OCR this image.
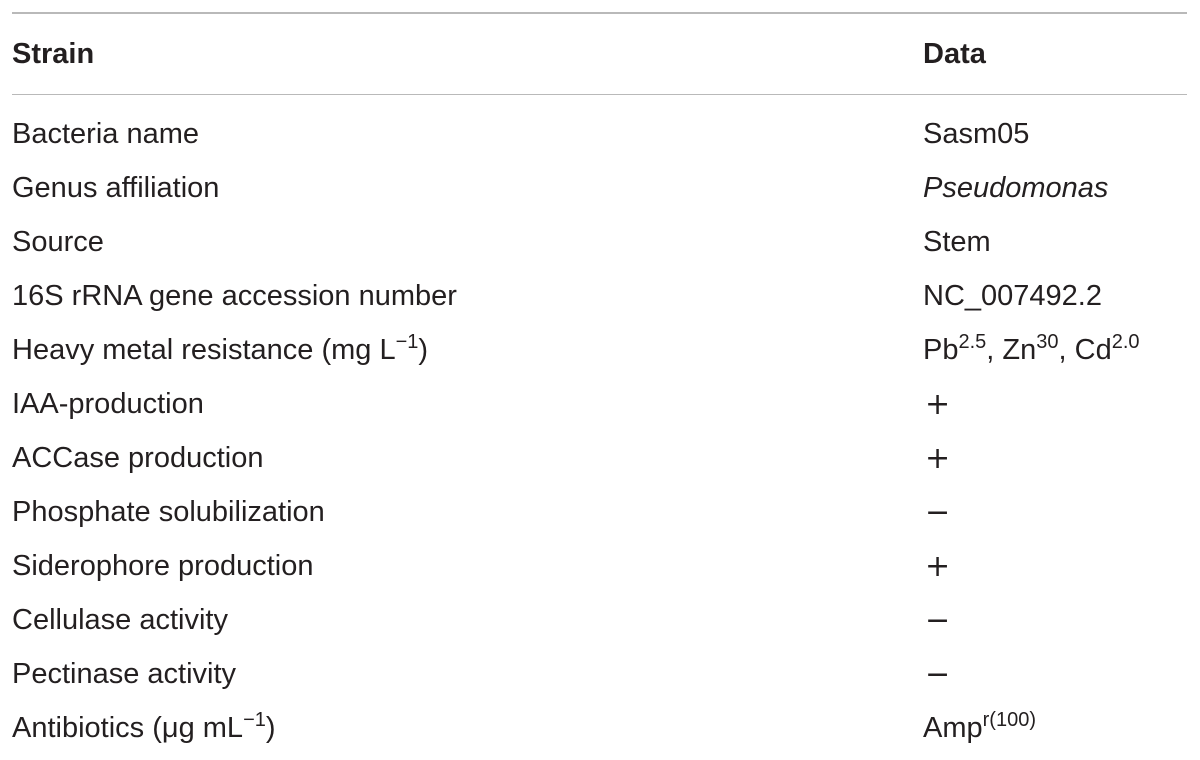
Strain	Data
Bacteria name	Sasm05
Genus affiliation	Pseudomonas
Source	Stem
16S rRNA gene accession number	NC_007492.2
Heavy metal resistance (mg $L^{-1}$)	$Pb^{2.5}$, Zn$^{30}$, $Cd^{2.0}$
IAA-production	+
ACCase production	+
Phosphate solubilization	−
Siderophore production	+
Cellulase activity	−
Pectinase activity	−
Antibiotics (μg $mL^{-1}$)	Amp$^{r(100)}$
